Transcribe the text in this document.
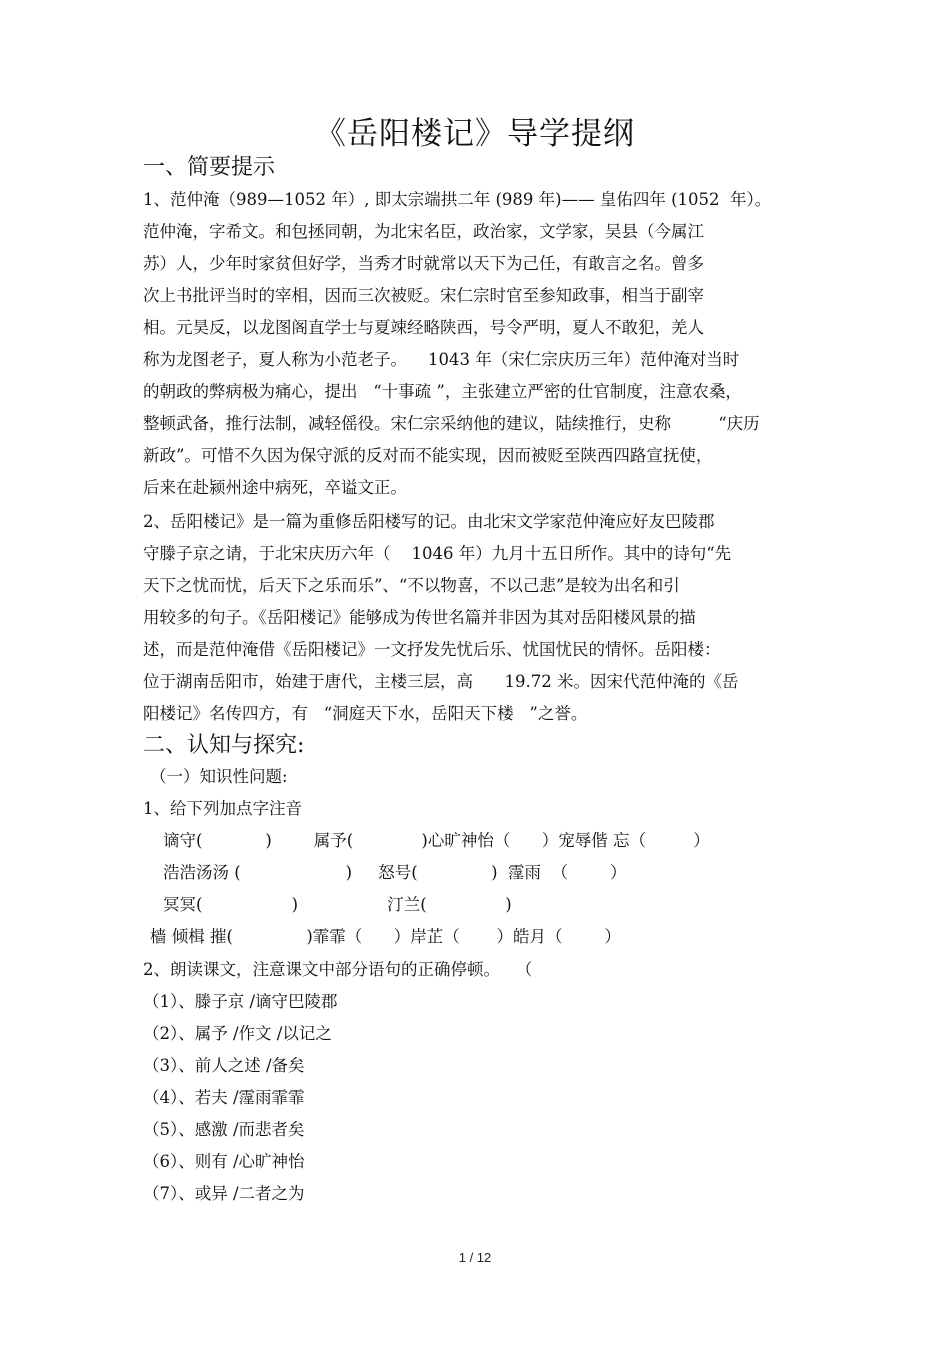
《岳阳楼记》导学提纲
一、简要提示
1、范仲淹（989—1052 年）, 即太宗端拱二年 (989 年)—— 皇佑四年 (1052  年）。
范仲淹，字希文。和包拯同朝，为北宋名臣，政治家，文学家，吴县（今属江
苏）人，少年时家贫但好学，当秀才时就常以天下为己任，有敢言之名。曾多
次上书批评当时的宰相，因而三次被贬。宋仁宗时官至参知政事，相当于副宰
相。元昊反，以龙图阁直学士与夏竦经略陕西，号令严明，夏人不敢犯，羌人
称为龙图老子，夏人称为小范老子。    1043 年（宋仁宗庆历三年）范仲淹对当时
的朝政的弊病极为痛心，提出   “十事疏 ”，主张建立严密的仕官制度，注意农桑，
整顿武备，推行法制，减轻傜役。宋仁宗采纳他的建议，陆续推行，史称         “庆历
新政”。可惜不久因为保守派的反对而不能实现，因而被贬至陕西四路宣抚使，
后来在赴颍州途中病死，卒谥文正。
2、岳阳楼记》是一篇为重修岳阳楼写的记。由北宋文学家范仲淹应好友巴陵郡
守滕子京之请，于北宋庆历六年（    1046 年）九月十五日所作。其中的诗句“先
天下之忧而忧，后天下之乐而乐”、“不以物喜，不以己悲”是较为出名和引
用较多的句子。《岳阳楼记》能够成为传世名篇并非因为其对岳阳楼风景的描
述，而是范仲淹借《岳阳楼记》一文抒发先忧后乐、忧国忧民的情怀。岳阳楼：
位于湖南岳阳市，始建于唐代，主楼三层，高      19.72 米。因宋代范仲淹的《岳
阳楼记》名传四方，有   “洞庭天下水，岳阳天下楼   ”之誉。
二、认知与探究:
（一）知识性问题:
1、给下列加点字注音
谪守(            )        属予(             )心旷神怡（      ）宠辱偕 忘（         ）
浩浩汤汤 (                    )     怒号(              )  霪雨  （        ）
冥冥(                 )                 汀兰(               )
樯 倾楫 摧(              )霏霏（      ）岸芷（       ）皓月（        ）
2、朗读课文，注意课文中部分语句的正确停顿。   （
（1）、滕子京 /谪守巴陵郡
（2）、属予 /作文 /以记之
（3）、前人之述 /备矣
（4）、若夫 /霪雨霏霏
（5）、感激 /而悲者矣
（6）、则有 /心旷神怡
（7）、或异 /二者之为
1 / 12
